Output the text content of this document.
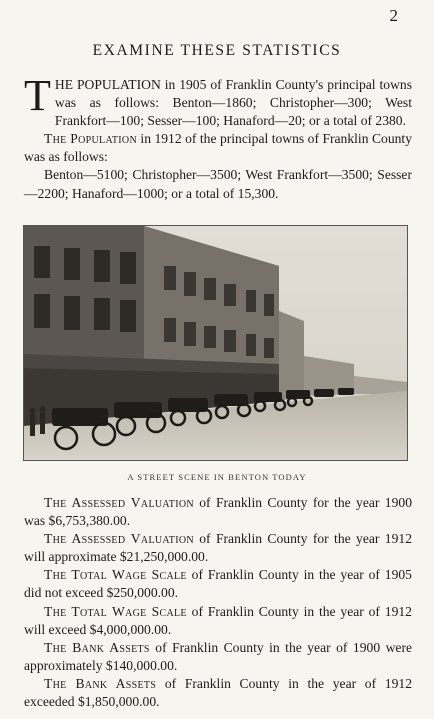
2
EXAMINE THESE STATISTICS

THE POPULATION in 1905 of Franklin County's principal towns was as follows: Benton—1860; Christopher—300; West Frankfort—100; Sesser—100; Hanaford—20; or a total of 2380.

The Population in 1912 of the principal towns of Franklin County was as follows:

Benton—5100; Christopher—3500; West Frankfort—3500; Sesser—2200; Hanaford—1000; or a total of 15,300.

A STREET SCENE IN BENTON TODAY

The Assessed Valuation of Franklin County for the year 1900 was $6,753,380.00.

The Assessed Valuation of Franklin County for the year 1912 will approximate $21,250,000.00.

The Total Wage Scale of Franklin County in the year of 1905 did not exceed $250,000.00.

The Total Wage Scale of Franklin County in the year of 1912 will exceed $4,000,000.00.

The Bank Assets of Franklin County in the year of 1900 were approximately $140,000.00.

The Bank Assets of Franklin County in the year of 1912 exceeded $1,850,000.00.
